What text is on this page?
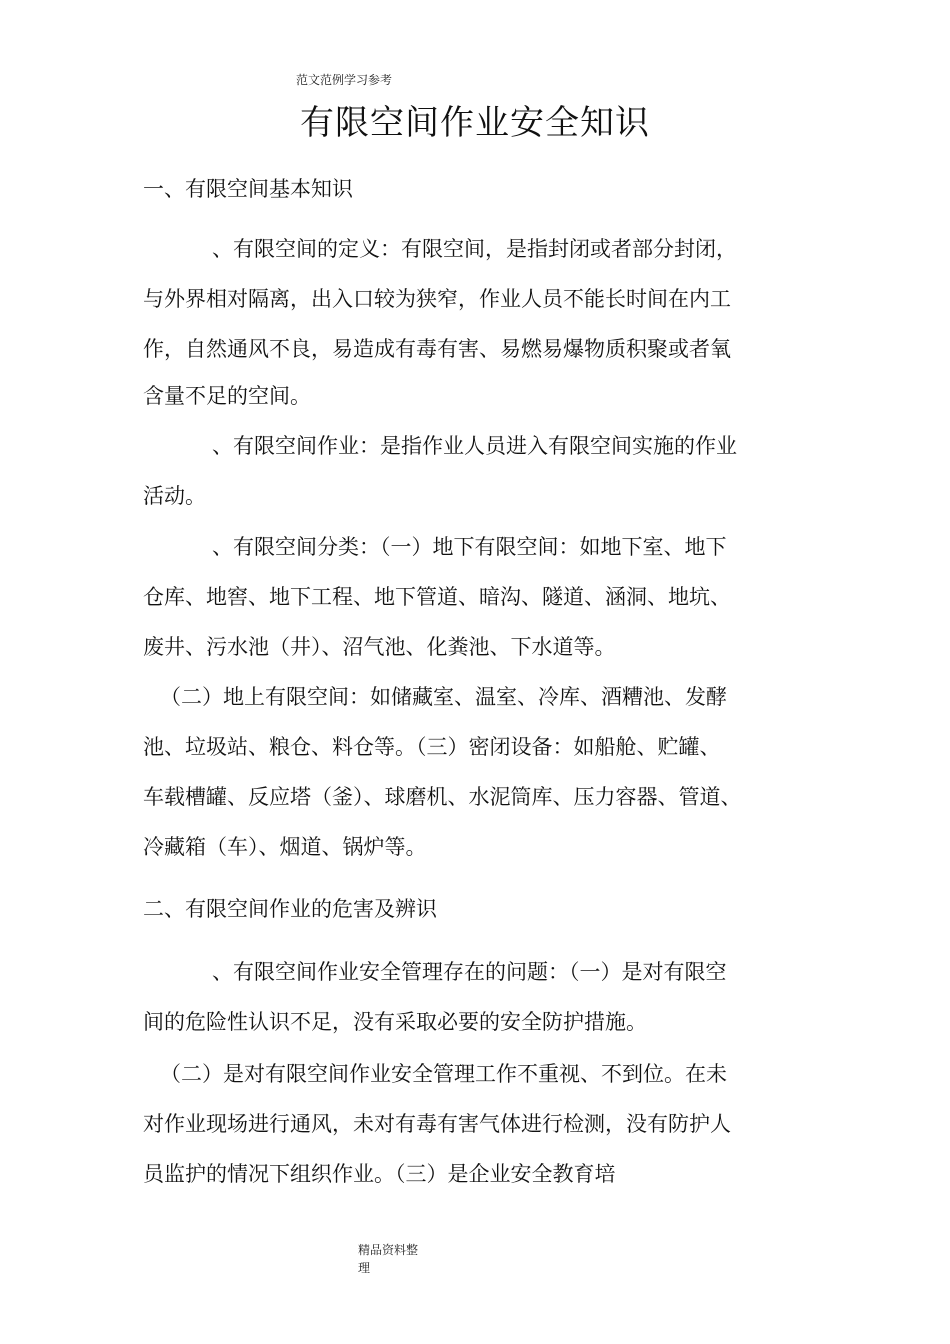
范文范例学习参考
有限空间作业安全知识
一、有限空间基本知识
、有限空间的定义：有限空间，是指封闭或者部分封闭，
与外界相对隔离，出入口较为狭窄，作业人员不能长时间在内工
作，自然通风不良，易造成有毒有害、易燃易爆物质积聚或者氧
含量不足的空间。
、有限空间作业：是指作业人员进入有限空间实施的作业
活动。
、有限空间分类：（一）地下有限空间：如地下室、地下
仓库、地窖、地下工程、地下管道、暗沟、隧道、涵洞、地坑、
废井、污水池（井）、沼气池、化粪池、下水道等。
（二）地上有限空间：如储藏室、温室、冷库、酒糟池、发酵
池、垃圾站、粮仓、料仓等。（三）密闭设备：如船舱、贮罐、
车载槽罐、反应塔（釜）、球磨机、水泥筒库、压力容器、管道、
冷藏箱（车）、烟道、锅炉等。
二、有限空间作业的危害及辨识
、有限空间作业安全管理存在的问题：（一）是对有限空
间的危险性认识不足，没有采取必要的安全防护措施。
（二）是对有限空间作业安全管理工作不重视、不到位。在未
对作业现场进行通风，未对有毒有害气体进行检测，没有防护人
员监护的情况下组织作业。（三）是企业安全教育培
精品资料整
理
